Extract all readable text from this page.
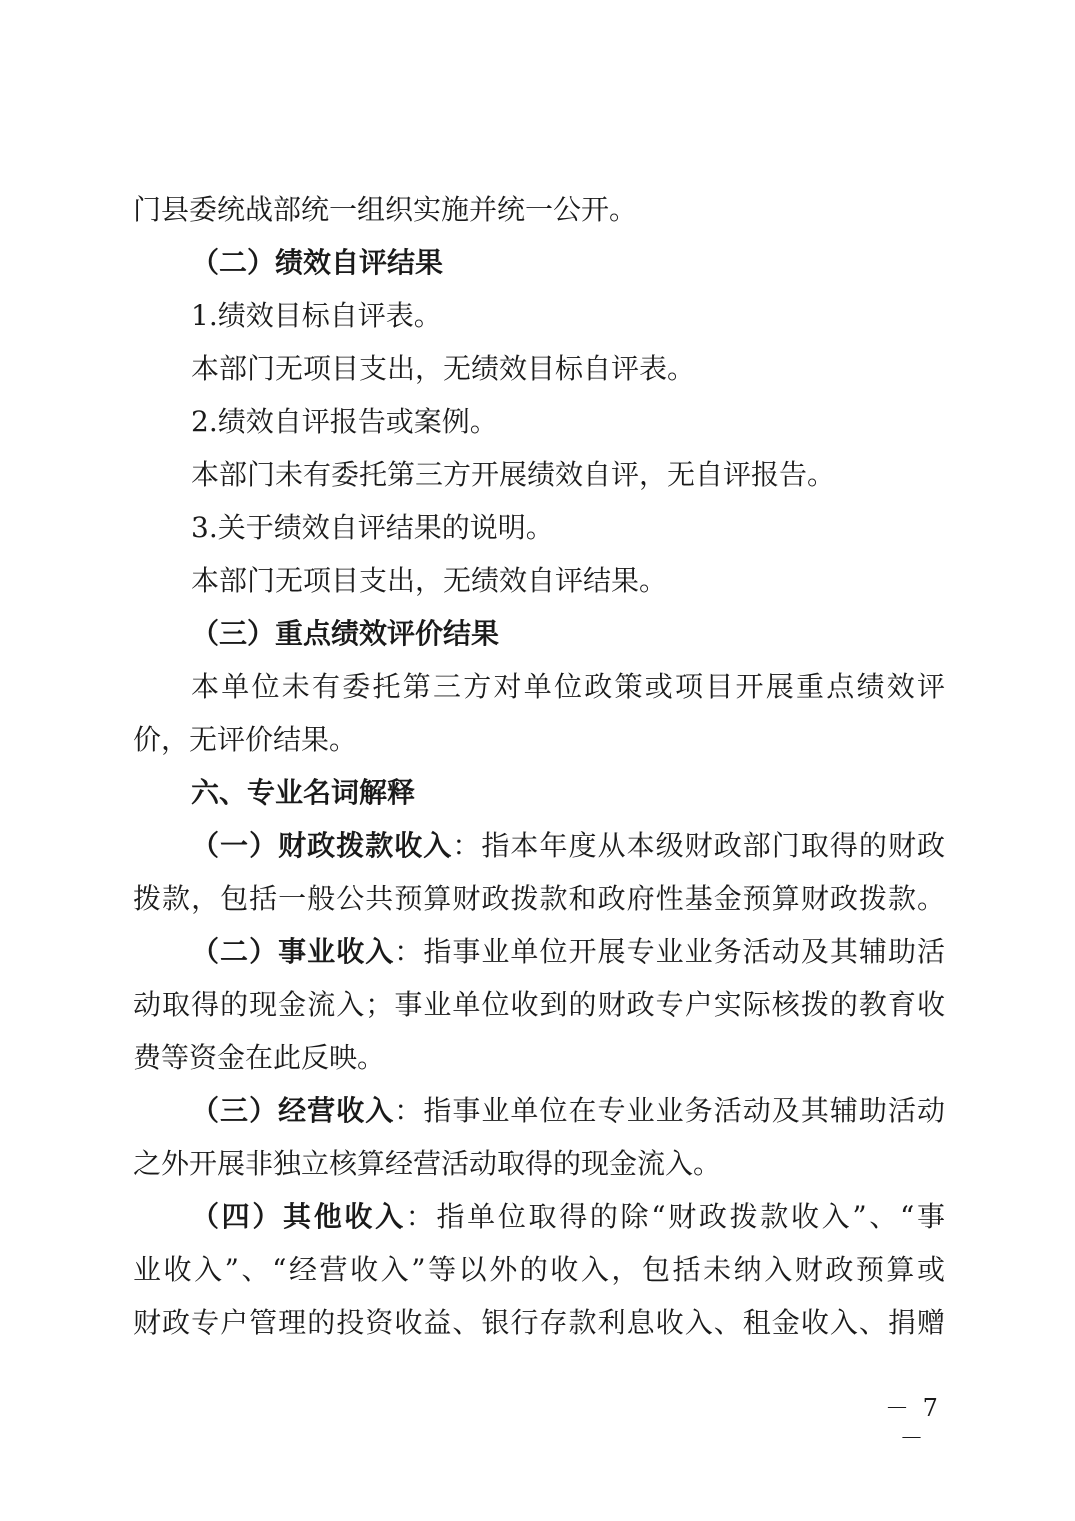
门县委统战部统一组织实施并统一公开。
（二）绩效自评结果
1.绩效目标自评表。
本部门无项目支出，无绩效目标自评表。
2.绩效自评报告或案例。
本部门未有委托第三方开展绩效自评，无自评报告。
3.关于绩效自评结果的说明。
本部门无项目支出，无绩效自评结果。
（三）重点绩效评价结果
本单位未有委托第三方对单位政策或项目开展重点绩效评
价，无评价结果。
六、专业名词解释
（一）财政拨款收入：指本年度从本级财政部门取得的财政
拨款，包括一般公共预算财政拨款和政府性基金预算财政拨款。
（二）事业收入：指事业单位开展专业业务活动及其辅助活
动取得的现金流入；事业单位收到的财政专户实际核拨的教育收
费等资金在此反映。
（三）经营收入：指事业单位在专业业务活动及其辅助活动
之外开展非独立核算经营活动取得的现金流入。
（四）其他收入：指单位取得的除“财政拨款收入”、“事
业收入”、“经营收入”等以外的收入，包括未纳入财政预算或
财政专户管理的投资收益、银行存款利息收入、租金收入、捐赠
－ 7 －
